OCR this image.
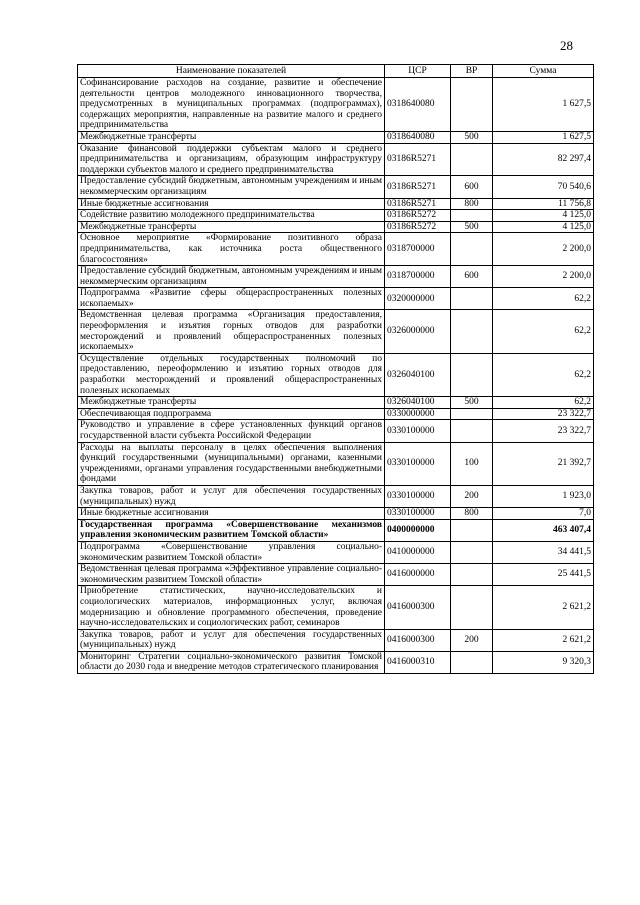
28
Наименование показателей	ЦСР	ВР	Сумма
Софинансирование расходов на создание, развитие и обеспечение деятельности центров молодежного инновационного творчества, предусмотренных в муниципальных программах (подпрограммах), содержащих мероприятия, направленные на развитие малого и среднего предпринимательства	0318640080		1 627,5
Межбюджетные трансферты	0318640080	500	1 627,5
Оказание финансовой поддержки субъектам малого и среднего предпринимательства и организациям, образующим инфраструктуру поддержки субъектов малого и среднего предпринимательства	03186R5271		82 297,4
Предоставление субсидий бюджетным, автономным учреждениям и иным некоммерческим организациям	03186R5271	600	70 540,6
Иные бюджетные ассигнования	03186R5271	800	11 756,8
Содействие развитию молодежного предпринимательства	03186R5272		4 125,0
Межбюджетные трансферты	03186R5272	500	4 125,0
Основное мероприятие «Формирование позитивного образа предпринимательства, как источника роста общественного благосостояния»	0318700000		2 200,0
Предоставление субсидий бюджетным, автономным учреждениям и иным некоммерческим организациям	0318700000	600	2 200,0
Подпрограмма «Развитие сферы общераспространенных полезных ископаемых»	0320000000		62,2
Ведомственная целевая программа «Организация предоставления, переоформления и изъятия горных отводов для разработки месторождений и проявлений общераспространенных полезных ископаемых»	0326000000		62,2
Осуществление отдельных государственных полномочий по предоставлению, переоформлению и изъятию горных отводов для разработки месторождений и проявлений общераспространенных полезных ископаемых	0326040100		62,2
Межбюджетные трансферты	0326040100	500	62,2
Обеспечивающая подпрограмма	0330000000		23 322,7
Руководство и управление в сфере установленных функций органов государственной власти субъекта Российской Федерации	0330100000		23 322,7
Расходы на выплаты персоналу в целях обеспечения выполнения функций государственными (муниципальными) органами, казенными учреждениями, органами управления государственными внебюджетными фондами	0330100000	100	21 392,7
Закупка товаров, работ и услуг для обеспечения государственных (муниципальных) нужд	0330100000	200	1 923,0
Иные бюджетные ассигнования	0330100000	800	7,0
Государственная программа «Совершенствование механизмов управления экономическим развитием Томской области»	0400000000		463 407,4
Подпрограмма «Совершенствование управления социально-экономическим развитием Томской области»	0410000000		34 441,5
Ведомственная целевая программа «Эффективное управление социально-экономическим развитием Томской области»	0416000000		25 441,5
Приобретение статистических, научно-исследовательских и социологических материалов, информационных услуг, включая модернизацию и обновление программного обеспечения, проведение научно-исследовательских и социологических работ, семинаров	0416000300		2 621,2
Закупка товаров, работ и услуг для обеспечения государственных (муниципальных) нужд	0416000300	200	2 621,2
Мониторинг Стратегии социально-экономического развития Томской области до 2030 года и внедрение методов стратегического планирования	0416000310		9 320,3
